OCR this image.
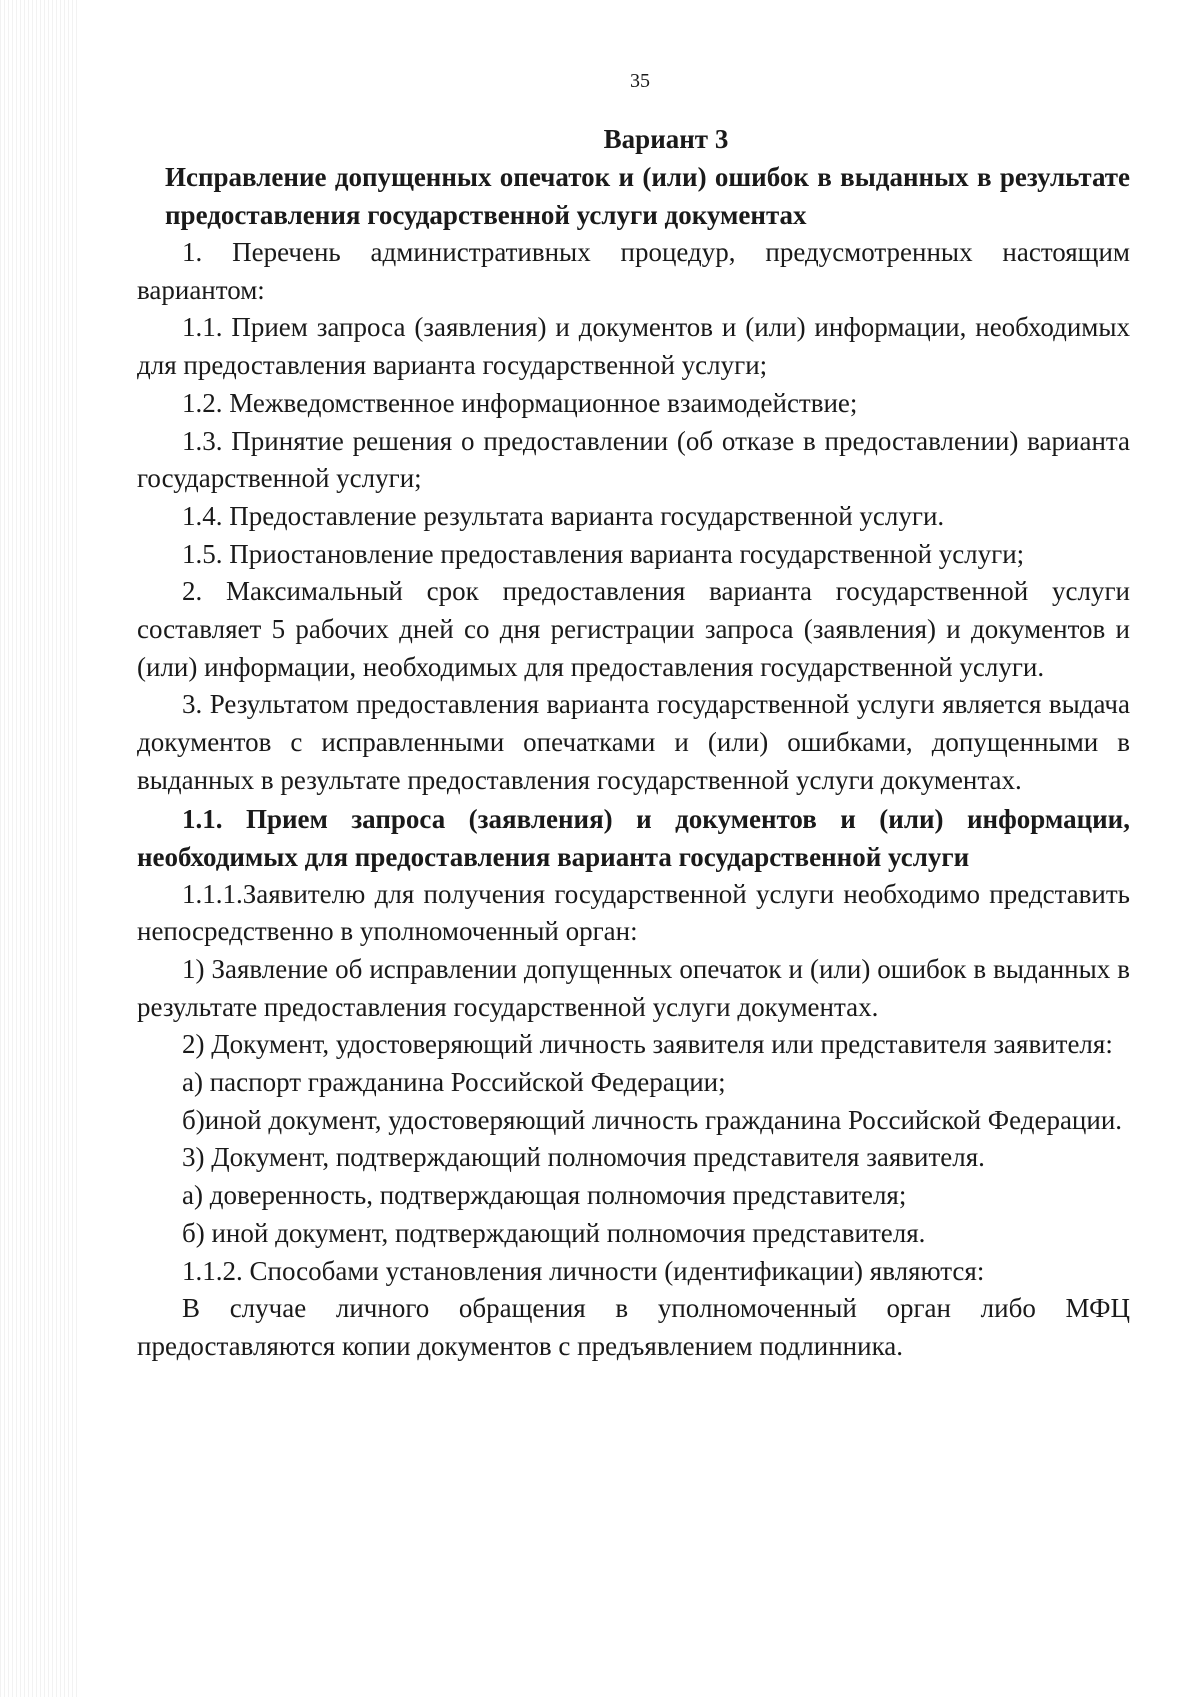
35
Вариант 3
Исправление допущенных опечаток и (или) ошибок в выданных в результате предоставления государственной услуги документах

1. Перечень административных процедур, предусмотренных настоящим вариантом:

1.1. Прием запроса (заявления) и документов и (или) информации, необходимых для предоставления варианта государственной услуги;

1.2. Межведомственное информационное взаимодействие;

1.3. Принятие решения о предоставлении (об отказе в предоставлении) варианта государственной услуги;

1.4. Предоставление результата варианта государственной услуги.

1.5. Приостановление предоставления варианта государственной услуги;

2. Максимальный срок предоставления варианта государственной услуги составляет 5 рабочих дней со дня регистрации запроса (заявления) и документов и (или) информации, необходимых для предоставления государственной услуги.

3. Результатом предоставления варианта государственной услуги является выдача документов с исправленными опечатками и (или) ошибками, допущенными в выданных в результате предоставления государственной услуги документах.

1.1. Прием запроса (заявления) и документов и (или) информации, необходимых для предоставления варианта государственной услуги

1.1.1.Заявителю для получения государственной услуги необходимо представить непосредственно в уполномоченный орган:

1) Заявление об исправлении допущенных опечаток и (или) ошибок в выданных в результате предоставления государственной услуги документах.

2) Документ, удостоверяющий личность заявителя или представителя заявителя:

а) паспорт гражданина Российской Федерации;

б)иной документ, удостоверяющий личность гражданина Российской Федерации.

3) Документ, подтверждающий полномочия представителя заявителя.

а) доверенность, подтверждающая полномочия представителя;

б) иной документ, подтверждающий полномочия представителя.

1.1.2. Способами установления личности (идентификации) являются:

В случае личного обращения в уполномоченный орган либо МФЦ предоставляются копии документов с предъявлением подлинника.
